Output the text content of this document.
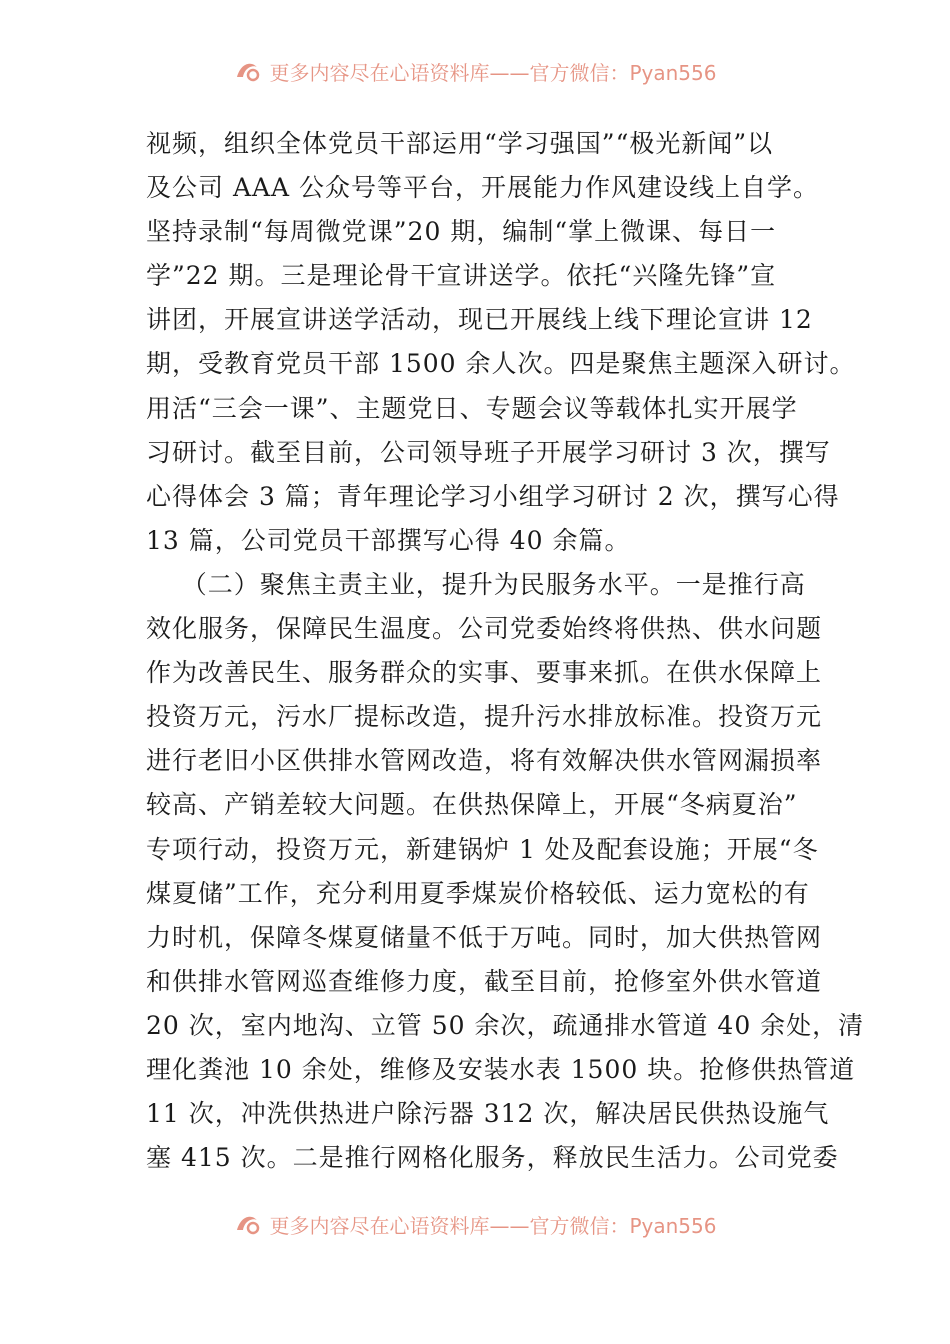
更多内容尽在心语资料库——官方微信：Pyan556
视频，组织全体党员干部运用“学习强国”“极光新闻”以
及公司 AAA 公众号等平台，开展能力作风建设线上自学。
坚持录制“每周微党课”20 期，编制“掌上微课、每日一
学”22 期。三是理论骨干宣讲送学。依托“兴隆先锋”宣
讲团，开展宣讲送学活动，现已开展线上线下理论宣讲 12
期，受教育党员干部 1500 余人次。四是聚焦主题深入研讨。
用活“三会一课”、主题党日、专题会议等载体扎实开展学
习研讨。截至目前，公司领导班子开展学习研讨 3 次，撰写
心得体会 3 篇；青年理论学习小组学习研讨 2 次，撰写心得
13 篇，公司党员干部撰写心得 40 余篇。
（二）聚焦主责主业，提升为民服务水平。一是推行高
效化服务，保障民生温度。公司党委始终将供热、供水问题
作为改善民生、服务群众的实事、要事来抓。在供水保障上
投资万元，污水厂提标改造，提升污水排放标准。投资万元
进行老旧小区供排水管网改造，将有效解决供水管网漏损率
较高、产销差较大问题。在供热保障上，开展“冬病夏治”
专项行动，投资万元，新建锅炉 1 处及配套设施；开展“冬
煤夏储”工作，充分利用夏季煤炭价格较低、运力宽松的有
力时机，保障冬煤夏储量不低于万吨。同时，加大供热管网
和供排水管网巡查维修力度，截至目前，抢修室外供水管道
20 次，室内地沟、立管 50 余次，疏通排水管道 40 余处，清
理化粪池 10 余处，维修及安装水表 1500 块。抢修供热管道
11 次，冲洗供热进户除污器 312 次，解决居民供热设施气
塞 415 次。二是推行网格化服务，释放民生活力。公司党委
更多内容尽在心语资料库——官方微信：Pyan556
